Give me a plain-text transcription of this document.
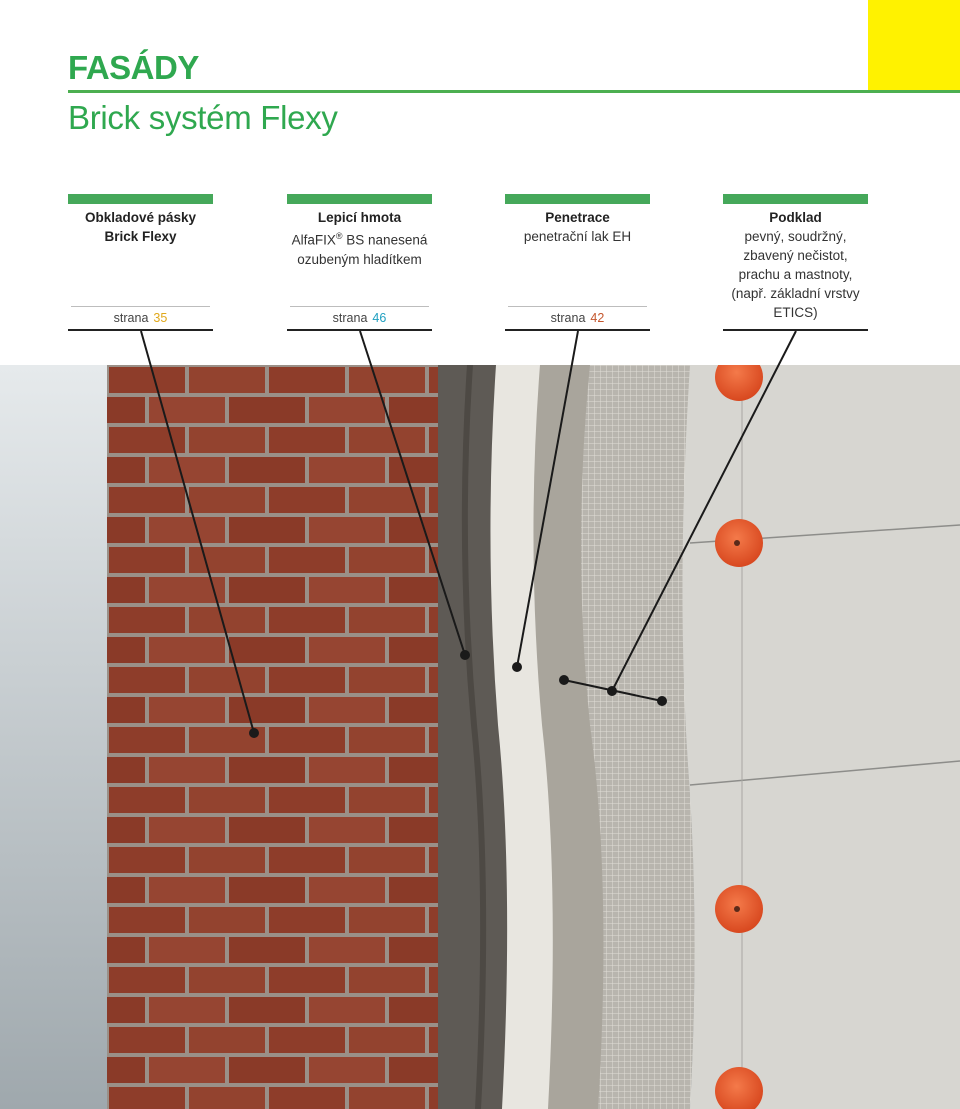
FASÁDY
Brick systém Flexy
Obkladové pásky
Brick Flexy
strana 35
Lepicí hmota
AlfaFIX® BS nanesená
ozubeným hladítkem
strana 46
Penetrace
penetrační lak EH
strana 42
Podklad
pevný, soudržný,
zbavený nečistot,
prachu a mastnoty,
(např. základní vrstvy
ETICS)
